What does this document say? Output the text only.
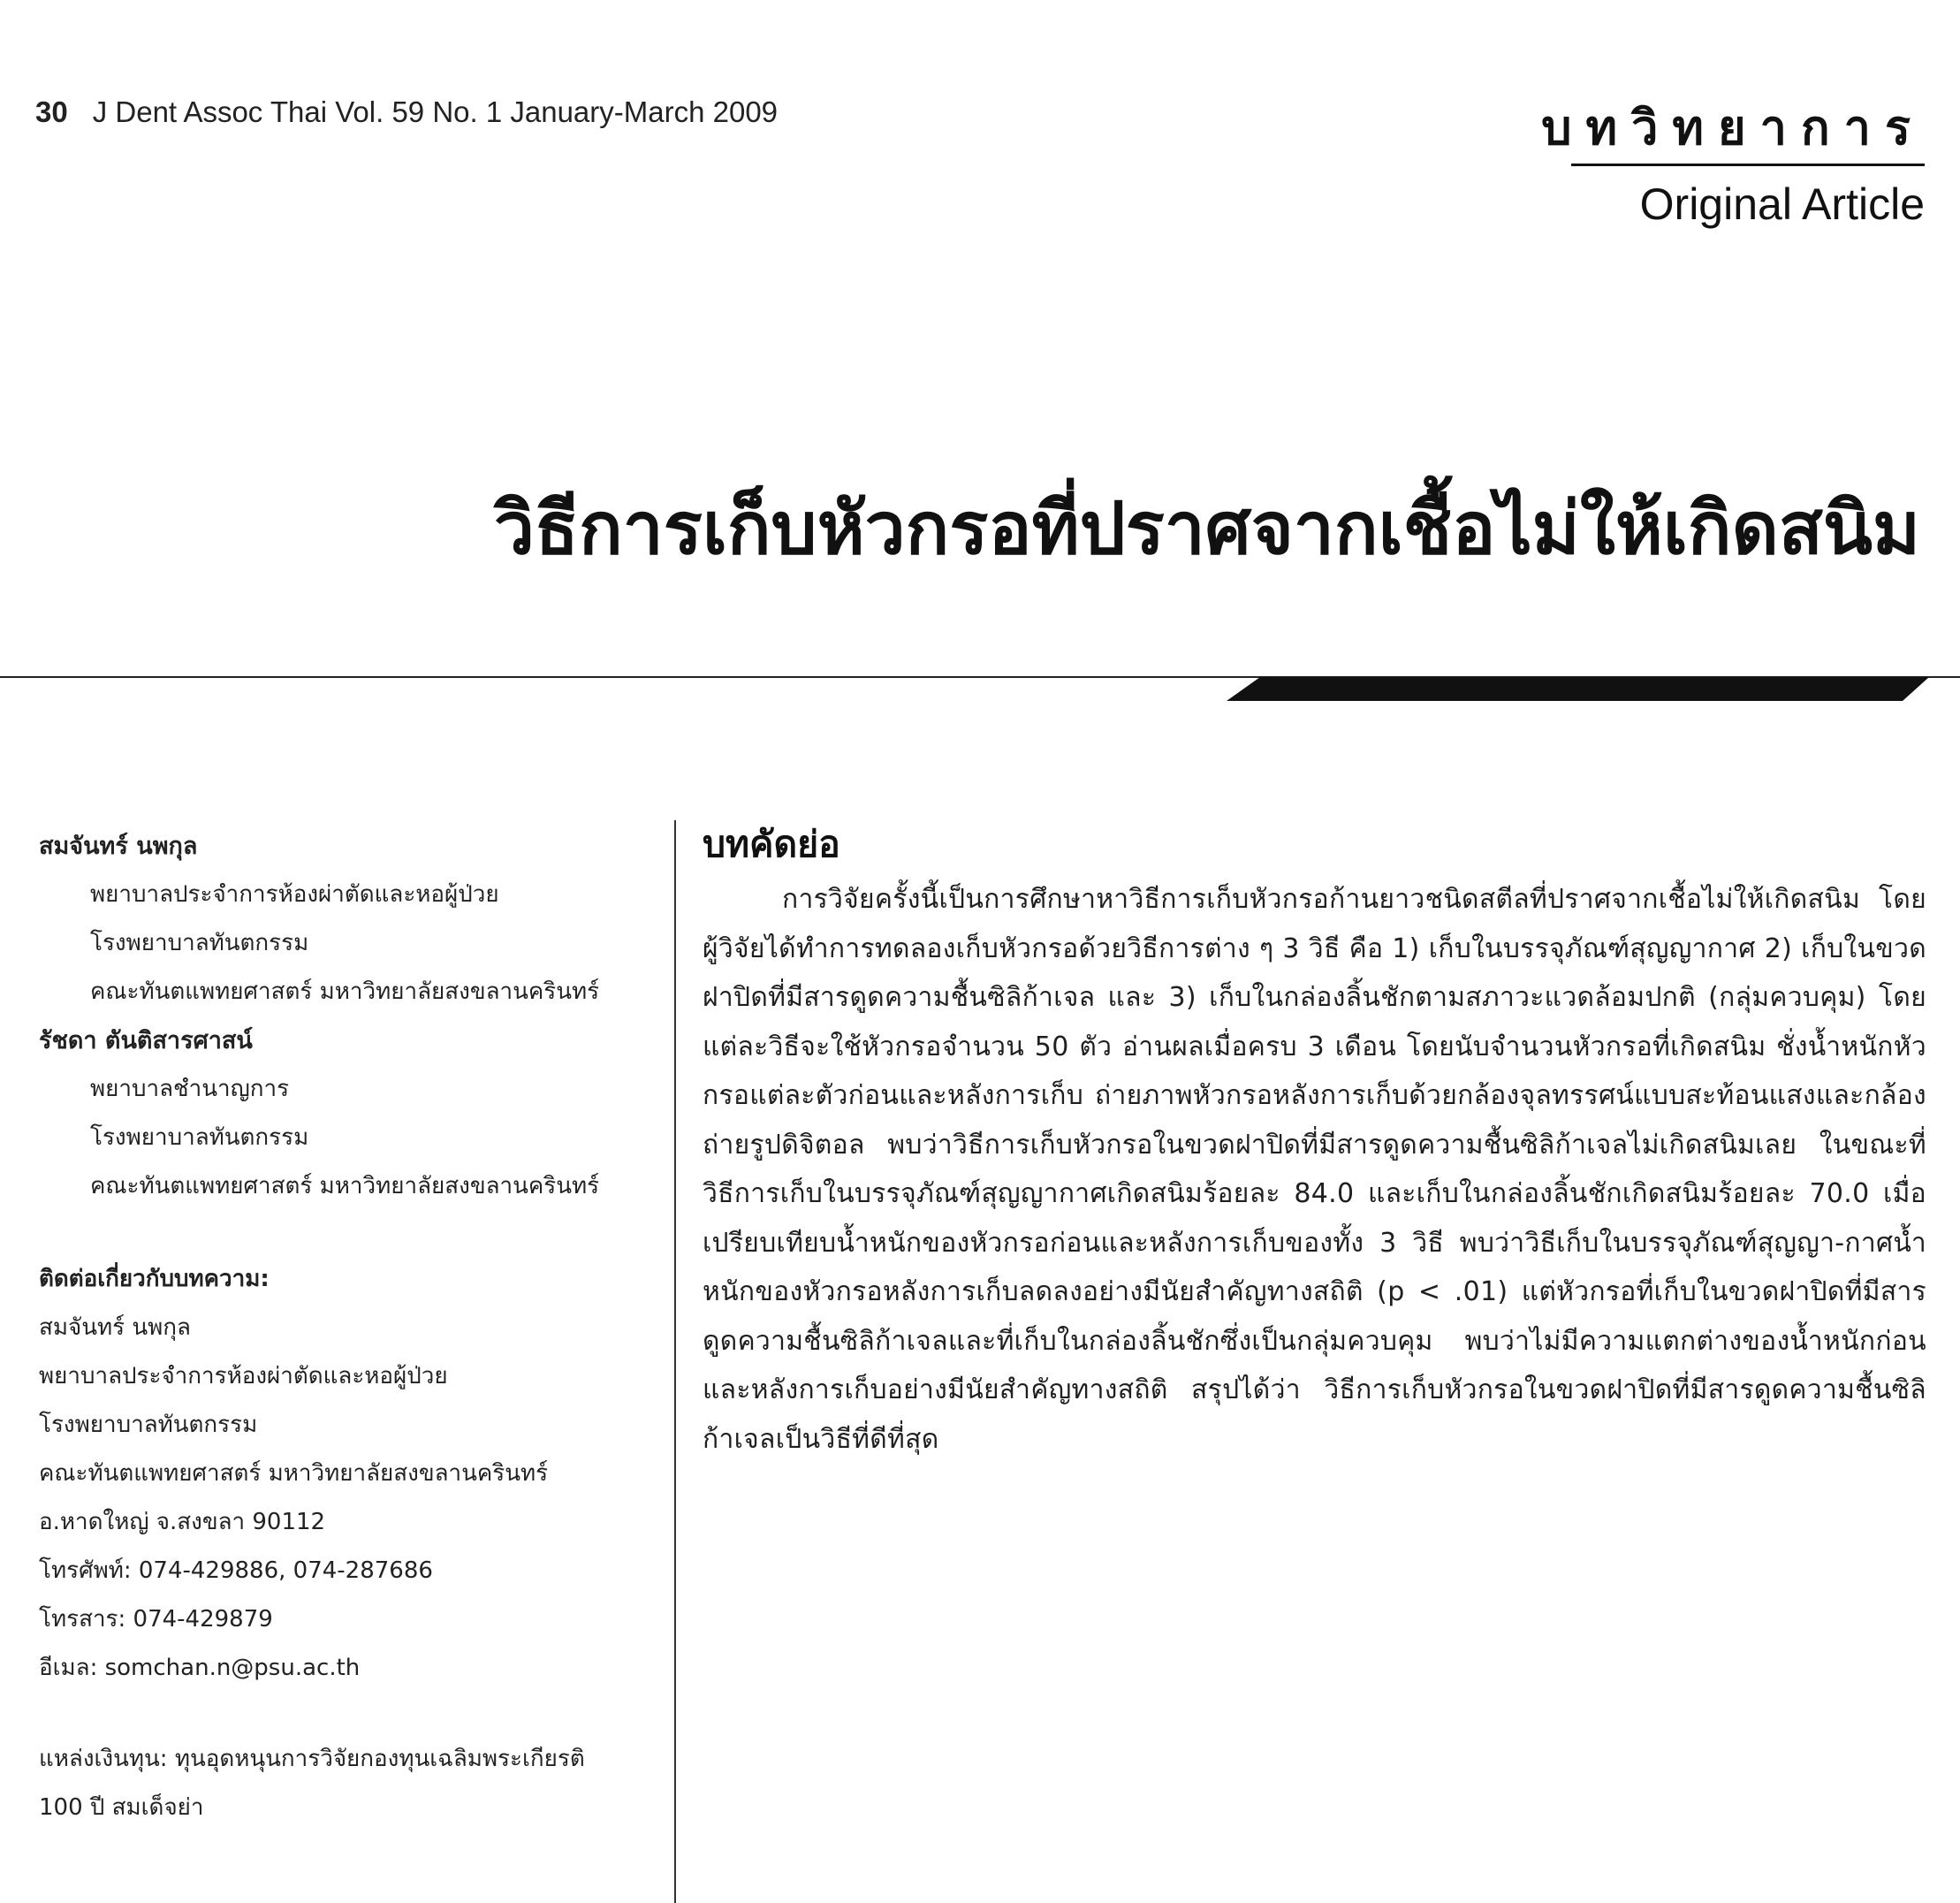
30 J Dent Assoc Thai Vol. 59 No. 1 January-March 2009	บทวิทยาการ
Original Article
วิธีการเก็บหัวกรอที่ปราศจากเชื้อไม่ให้เกิดสนิม
สมจันทร์ นพกุล
พยาบาลประจำการห้องผ่าตัดและหอผู้ป่วย
โรงพยาบาลทันตกรรม
คณะทันตแพทยศาสตร์ มหาวิทยาลัยสงขลานครินทร์
รัชดา ตันติสารศาสน์
พยาบาลชำนาญการ
โรงพยาบาลทันตกรรม
คณะทันตแพทยศาสตร์ มหาวิทยาลัยสงขลานครินทร์
ติดต่อเกี่ยวกับบทความ:
สมจันทร์ นพกุล
พยาบาลประจำการห้องผ่าตัดและหอผู้ป่วย
โรงพยาบาลทันตกรรม
คณะทันตแพทยศาสตร์ มหาวิทยาลัยสงขลานครินทร์
อ.หาดใหญ่ จ.สงขลา 90112
โทรศัพท์: 074-429886, 074-287686
โทรสาร: 074-429879
อีเมล: somchan.n@psu.ac.th
แหล่งเงินทุน: ทุนอุดหนุนการวิจัยกองทุนเฉลิมพระเกียรติ
100 ปี สมเด็จย่า
บทคัดย่อ

การวิจัยครั้งนี้เป็นการศึกษาหาวิธีการเก็บหัวกรอก้านยาวชนิดสตีลที่ปราศจากเชื้อไม่ให้เกิดสนิม โดยผู้วิจัยได้ทำการทดลองเก็บหัวกรอด้วยวิธีการต่าง ๆ 3 วิธี คือ 1) เก็บในบรรจุภัณฑ์สุญญากาศ 2) เก็บในขวดฝาปิดที่มีสารดูดความชื้นซิลิก้าเจล และ 3) เก็บในกล่องลิ้นชักตามสภาวะแวดล้อมปกติ (กลุ่มควบคุม) โดยแต่ละวิธีจะใช้หัวกรอจำนวน 50 ตัว อ่านผลเมื่อครบ 3 เดือน โดยนับจำนวนหัวกรอที่เกิดสนิม ชั่งน้ำหนักหัวกรอแต่ละตัวก่อนและหลังการเก็บ ถ่ายภาพหัวกรอหลังการเก็บด้วยกล้องจุลทรรศน์แบบสะท้อนแสงและกล้องถ่ายรูปดิจิตอล พบว่าวิธีการเก็บหัวกรอในขวดฝาปิดที่มีสารดูดความชื้นซิลิก้าเจลไม่เกิดสนิมเลย ในขณะที่วิธีการเก็บในบรรจุภัณฑ์สุญญากาศเกิดสนิมร้อยละ 84.0 และเก็บในกล่องลิ้นชักเกิดสนิมร้อยละ 70.0 เมื่อเปรียบเทียบน้ำหนักของหัวกรอก่อนและหลังการเก็บของทั้ง 3 วิธี พบว่าวิธีเก็บในบรรจุภัณฑ์สุญญา-กาศน้ำหนักของหัวกรอหลังการเก็บลดลงอย่างมีนัยสำคัญทางสถิติ (p < .01) แต่หัวกรอที่เก็บในขวดฝาปิดที่มีสารดูดความชื้นซิลิก้าเจลและที่เก็บในกล่องลิ้นชักซึ่งเป็นกลุ่มควบคุม พบว่าไม่มีความแตกต่างของน้ำหนักก่อนและหลังการเก็บอย่างมีนัยสำคัญทางสถิติ สรุปได้ว่า วิธีการเก็บหัวกรอในขวดฝาปิดที่มีสารดูดความชื้นซิลิก้าเจลเป็นวิธีที่ดีที่สุด
